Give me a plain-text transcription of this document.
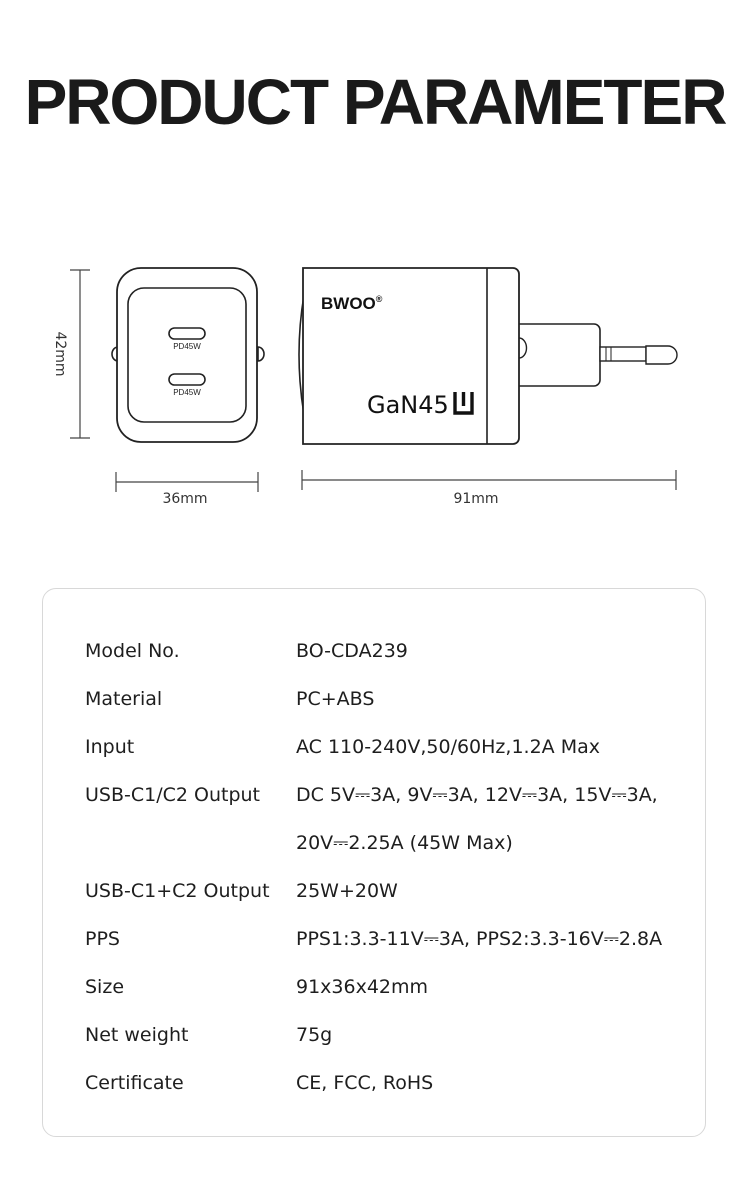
PRODUCT PARAMETER
42mm	PD45W
PD45W
BWOO®
GaN45
36mm	91mm
Model No.	BO-CDA239
Material	PC+ABS
Input	AC 110-240V,50/60Hz,1.2A Max
USB-C1/C2 Output DC 5V⎓3A, 9V⎓3A, 12V⎓3A, 15V⎓3A,
20V⎓2.25A (45W Max)
USB-C1+C2 Output 25W+20W
PPS	PPS1:3.3-11V⎓3A, PPS2:3.3-16V⎓2.8A
Size	91x36x42mm
Net weight	75g
Certificate	CE, FCC, RoHS
